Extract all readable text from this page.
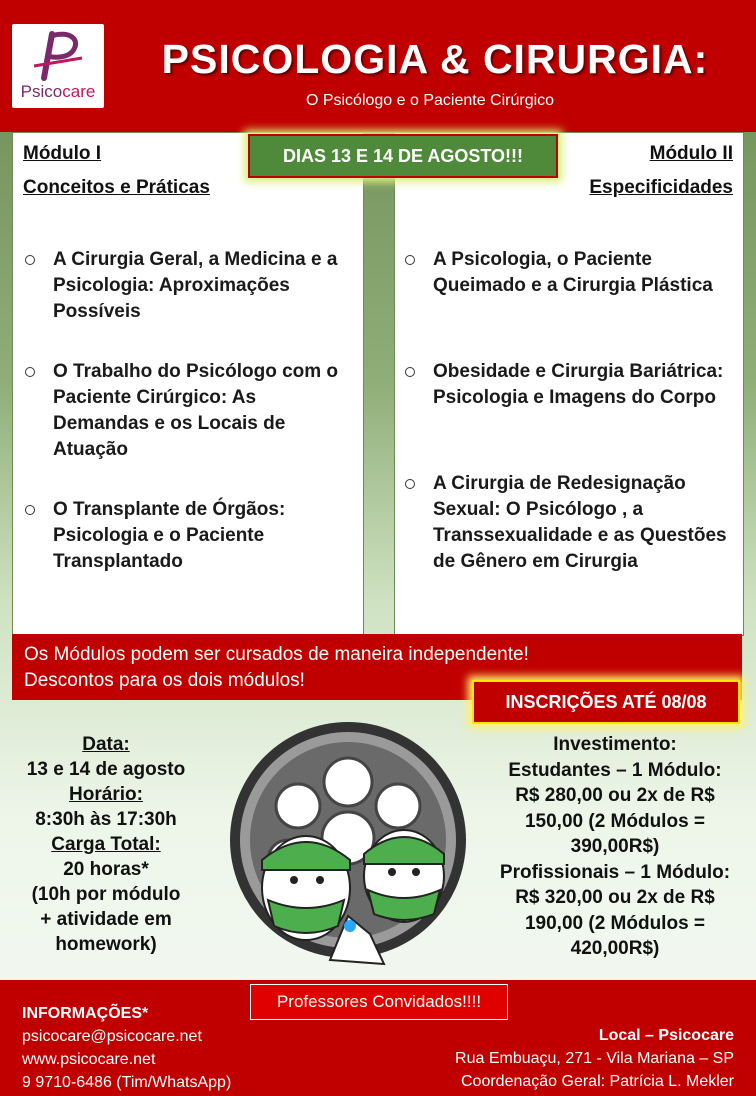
Psicocare
PSICOLOGIA & CIRURGIA:
O Psicólogo e o Paciente Cirúrgico
Módulo I
Conceitos e Práticas
A Cirurgia Geral, a Medicina e a Psicologia: Aproximações Possíveis
O Trabalho do Psicólogo com o Paciente Cirúrgico: As Demandas e os Locais de Atuação
O Transplante de Órgãos: Psicologia e o Paciente Transplantado
Módulo II
Especificidades
A Psicologia, o Paciente Queimado e a Cirurgia Plástica
Obesidade e Cirurgia Bariátrica: Psicologia e Imagens do Corpo
A Cirurgia de Redesignação Sexual: O Psicólogo , a Transsexualidade e as Questões de Gênero em Cirurgia
DIAS 13 E 14 DE AGOSTO!!!
Os Módulos podem ser cursados de maneira independente!
Descontos para os dois módulos!
INSCRIÇÕES ATÉ 08/08
Data:
13 e 14 de agosto
Horário:
8:30h às 17:30h
Carga Total:
20 horas*
(10h por módulo
+ atividade em
homework)
Investimento:
Estudantes – 1 Módulo:
R$ 280,00 ou 2x de R$
150,00 (2 Módulos =
390,00R$)
Profissionais – 1 Módulo:
R$ 320,00 ou 2x de R$
190,00 (2 Módulos =
420,00R$)
INFORMAÇÕES*
psicocare@psicocare.net
www.psicocare.net
9 9710-6486 (Tim/WhatsApp)
Professores Convidados!!!!
Local – Psicocare
Rua Embuaçu, 271 - Vila Mariana – SP
Coordenação Geral: Patrícia L. Mekler
